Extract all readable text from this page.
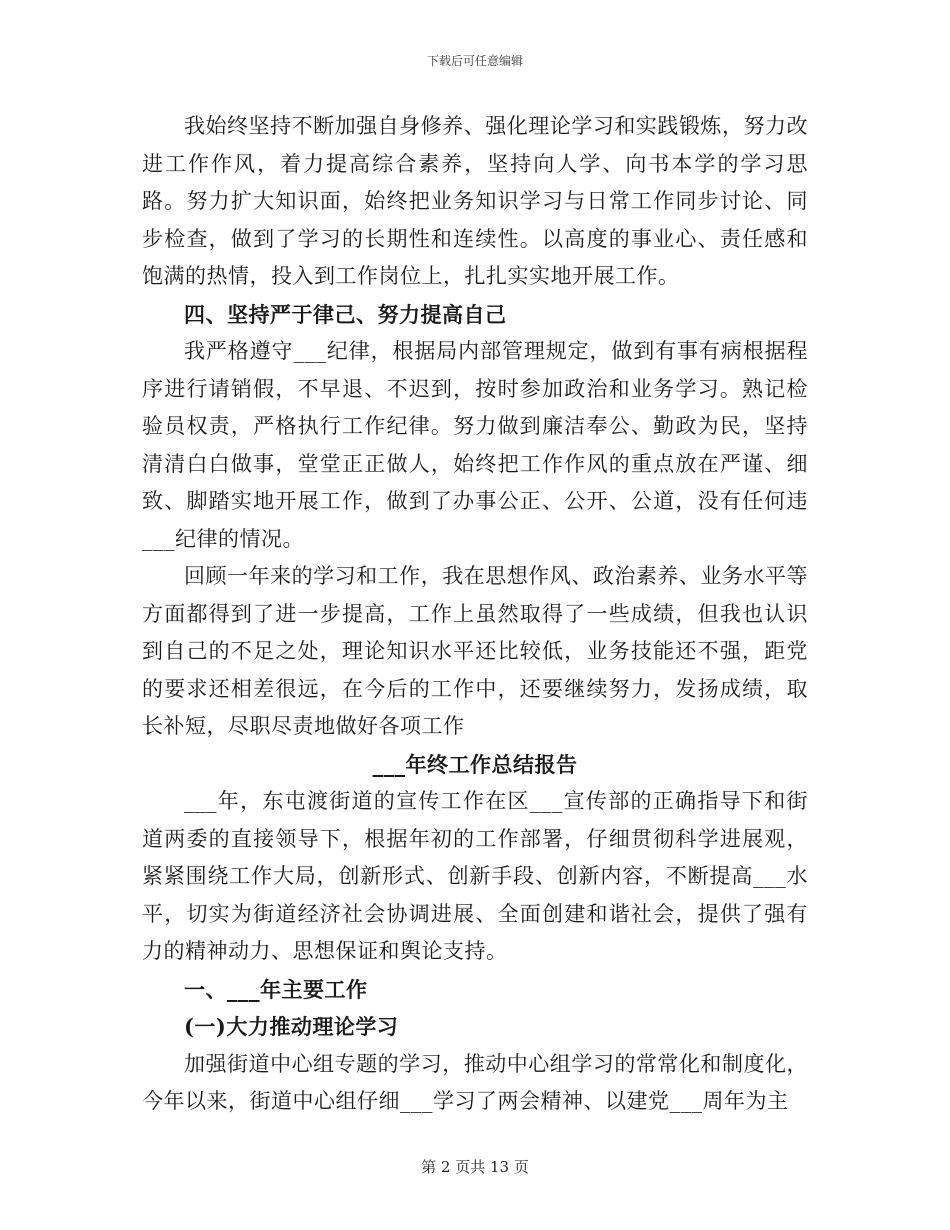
下载后可任意编辑

我始终坚持不断加强自身修养、强化理论学习和实践锻炼，努力改进工作作风，着力提高综合素养，坚持向人学、向书本学的学习思路。努力扩大知识面，始终把业务知识学习与日常工作同步讨论、同步检查，做到了学习的长期性和连续性。以高度的事业心、责任感和饱满的热情，投入到工作岗位上，扎扎实实地开展工作。

四、坚持严于律己、努力提高自己

我严格遵守___纪律，根据局内部管理规定，做到有事有病根据程序进行请销假，不早退、不迟到，按时参加政治和业务学习。熟记检验员权责，严格执行工作纪律。努力做到廉洁奉公、勤政为民，坚持清清白白做事，堂堂正正做人，始终把工作作风的重点放在严谨、细致、脚踏实地开展工作，做到了办事公正、公开、公道，没有任何违___纪律的情况。

回顾一年来的学习和工作，我在思想作风、政治素养、业务水平等方面都得到了进一步提高，工作上虽然取得了一些成绩，但我也认识到自己的不足之处，理论知识水平还比较低，业务技能还不强，距党的要求还相差很远，在今后的工作中，还要继续努力，发扬成绩，取长补短，尽职尽责地做好各项工作

___年终工作总结报告

___年，东屯渡街道的宣传工作在区___宣传部的正确指导下和街道两委的直接领导下，根据年初的工作部署，仔细贯彻科学进展观，紧紧围绕工作大局，创新形式、创新手段、创新内容，不断提高___水平，切实为街道经济社会协调进展、全面创建和谐社会，提供了强有力的精神动力、思想保证和舆论支持。

一、___年主要工作

(一)大力推动理论学习

加强街道中心组专题的学习，推动中心组学习的常常化和制度化，今年以来，街道中心组仔细___学习了两会精神、以建党___周年为主

第 2 页共 13 页
